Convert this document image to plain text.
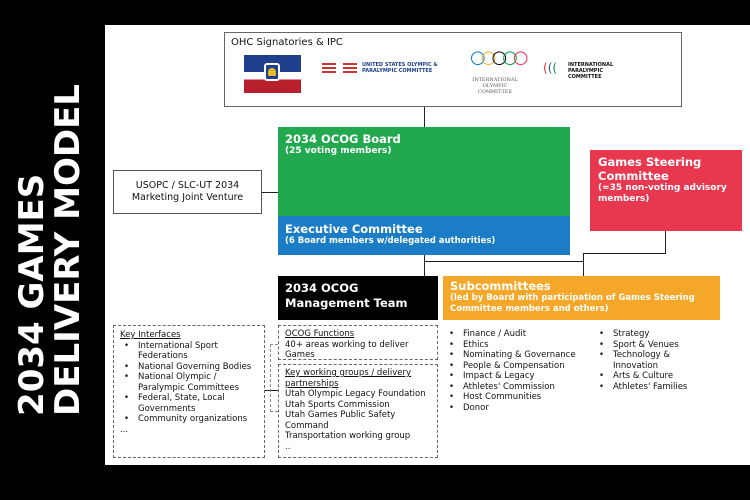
2034 GAMES
DELIVERY MODEL
OHC Signatories & IPC
UNITED STATES OLYMPIC & PARALYMPIC COMMITTEE
○○○○○
INTERNATIONAL OLYMPIC COMMITTEE
((( INTERNATIONAL PARALYMPIC COMMITTEE
2034 OCOG Board
(25 voting members)
Executive Committee
(6 Board members w/delegated authorities)
USOPC / SLC-UT 2034
Marketing Joint Venture
Games Steering Committee
(≈35 non-voting advisory members)
2034 OCOG Management Team
Subcommittees
(led by Board with participation of Games Steering Committee members and others)
• Finance / Audit
• Ethics
• Nominating & Governance
• People & Compensation
• Impact & Legacy
• Athletes' Commission
• Host Communities
• Donor
• Strategy
• Sport & Venues
• Technology & Innovation
• Arts & Culture
• Athletes' Families
Key Interfaces
• International Sport Federations
• National Governing Bodies
• National Olympic / Paralympic Committees
• Federal, State, Local Governments
• Community organizations
...
OCOG Functions
40+ areas working to deliver Games
Key working groups / delivery partnerships
Utah Olympic Legacy Foundation
Utah Sports Commission
Utah Games Public Safety Command
Transportation working group
..
